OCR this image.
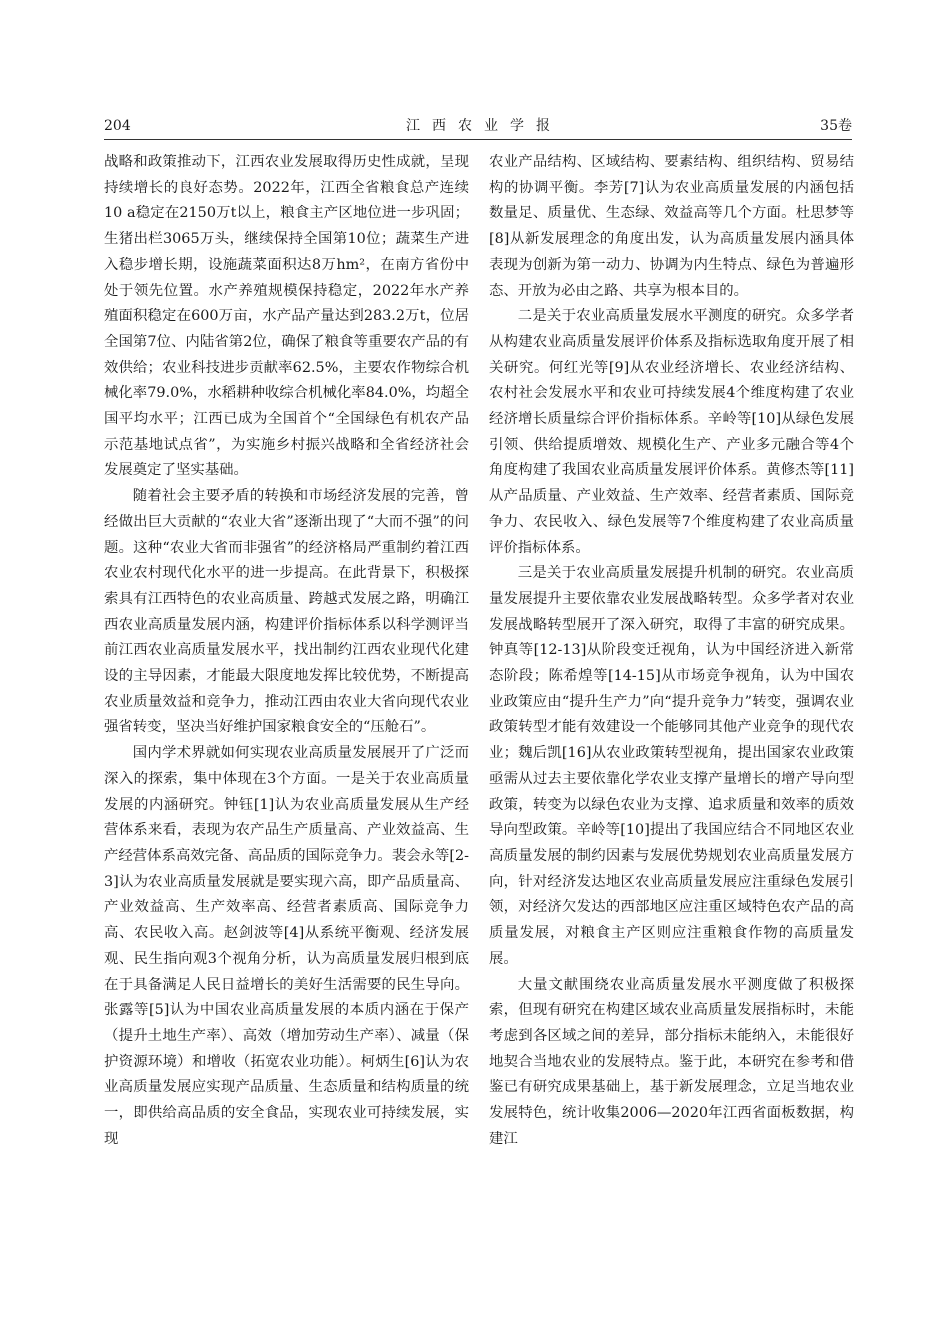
204	江西农业学报	35卷

战略和政策推动下，江西农业发展取得历史性成就，呈现持续增长的良好态势。2022年，江西全省粮食总产连续10 a稳定在2150万t以上，粮食主产区地位进一步巩固；生猪出栏3065万头，继续保持全国第10位；蔬菜生产进入稳步增长期，设施蔬菜面积达8万hm²，在南方省份中处于领先位置。水产养殖规模保持稳定，2022年水产养殖面积稳定在600万亩，水产品产量达到283.2万t，位居全国第7位、内陆省第2位，确保了粮食等重要农产品的有效供给；农业科技进步贡献率62.5%，主要农作物综合机械化率79.0%，水稻耕种收综合机械化率84.0%，均超全国平均水平；江西已成为全国首个“全国绿色有机农产品示范基地试点省”，为实施乡村振兴战略和全省经济社会发展奠定了坚实基础。

随着社会主要矛盾的转换和市场经济发展的完善，曾经做出巨大贡献的“农业大省”逐渐出现了“大而不强”的问题。这种“农业大省而非强省”的经济格局严重制约着江西农业农村现代化水平的进一步提高。在此背景下，积极探索具有江西特色的农业高质量、跨越式发展之路，明确江西农业高质量发展内涵，构建评价指标体系以科学测评当前江西农业高质量发展水平，找出制约江西农业现代化建设的主导因素，才能最大限度地发挥比较优势，不断提高农业质量效益和竞争力，推动江西由农业大省向现代农业强省转变，坚决当好维护国家粮食安全的“压舱石”。

国内学术界就如何实现农业高质量发展展开了广泛而深入的探索，集中体现在3个方面。一是关于农业高质量发展的内涵研究。钟钰[1]认为农业高质量发展从生产经营体系来看，表现为农产品生产质量高、产业效益高、生产经营体系高效完备、高品质的国际竞争力。裴会永等[2-3]认为农业高质量发展就是要实现六高，即产品质量高、产业效益高、生产效率高、经营者素质高、国际竞争力高、农民收入高。赵剑波等[4]从系统平衡观、经济发展观、民生指向观3个视角分析，认为高质量发展归根到底在于具备满足人民日益增长的美好生活需要的民生导向。张露等[5]认为中国农业高质量发展的本质内涵在于保产（提升土地生产率）、高效（增加劳动生产率）、减量（保护资源环境）和增收（拓宽农业功能）。柯炳生[6]认为农业高质量发展应实现产品质量、生态质量和结构质量的统一，即供给高品质的安全食品，实现农业可持续发展，实现

农业产品结构、区域结构、要素结构、组织结构、贸易结构的协调平衡。李芳[7]认为农业高质量发展的内涵包括数量足、质量优、生态绿、效益高等几个方面。杜思梦等[8]从新发展理念的角度出发，认为高质量发展内涵具体表现为创新为第一动力、协调为内生特点、绿色为普遍形态、开放为必由之路、共享为根本目的。

二是关于农业高质量发展水平测度的研究。众多学者从构建农业高质量发展评价体系及指标选取角度开展了相关研究。何红光等[9]从农业经济增长、农业经济结构、农村社会发展水平和农业可持续发展4个维度构建了农业经济增长质量综合评价指标体系。辛岭等[10]从绿色发展引领、供给提质增效、规模化生产、产业多元融合等4个角度构建了我国农业高质量发展评价体系。黄修杰等[11]从产品质量、产业效益、生产效率、经营者素质、国际竞争力、农民收入、绿色发展等7个维度构建了农业高质量评价指标体系。

三是关于农业高质量发展提升机制的研究。农业高质量发展提升主要依靠农业发展战略转型。众多学者对农业发展战略转型展开了深入研究，取得了丰富的研究成果。钟真等[12-13]从阶段变迁视角，认为中国经济进入新常态阶段；陈希煌等[14-15]从市场竞争视角，认为中国农业政策应由“提升生产力”向“提升竞争力”转变，强调农业政策转型才能有效建设一个能够同其他产业竞争的现代农业；魏后凯[16]从农业政策转型视角，提出国家农业政策亟需从过去主要依靠化学农业支撑产量增长的增产导向型政策，转变为以绿色农业为支撑、追求质量和效率的质效导向型政策。辛岭等[10]提出了我国应结合不同地区农业高质量发展的制约因素与发展优势规划农业高质量发展方向，针对经济发达地区农业高质量发展应注重绿色发展引领，对经济欠发达的西部地区应注重区域特色农产品的高质量发展，对粮食主产区则应注重粮食作物的高质量发展。

大量文献围绕农业高质量发展水平测度做了积极探索，但现有研究在构建区域农业高质量发展指标时，未能考虑到各区域之间的差异，部分指标未能纳入，未能很好地契合当地农业的发展特点。鉴于此，本研究在参考和借鉴已有研究成果基础上，基于新发展理念，立足当地农业发展特色，统计收集2006—2020年江西省面板数据，构建江
